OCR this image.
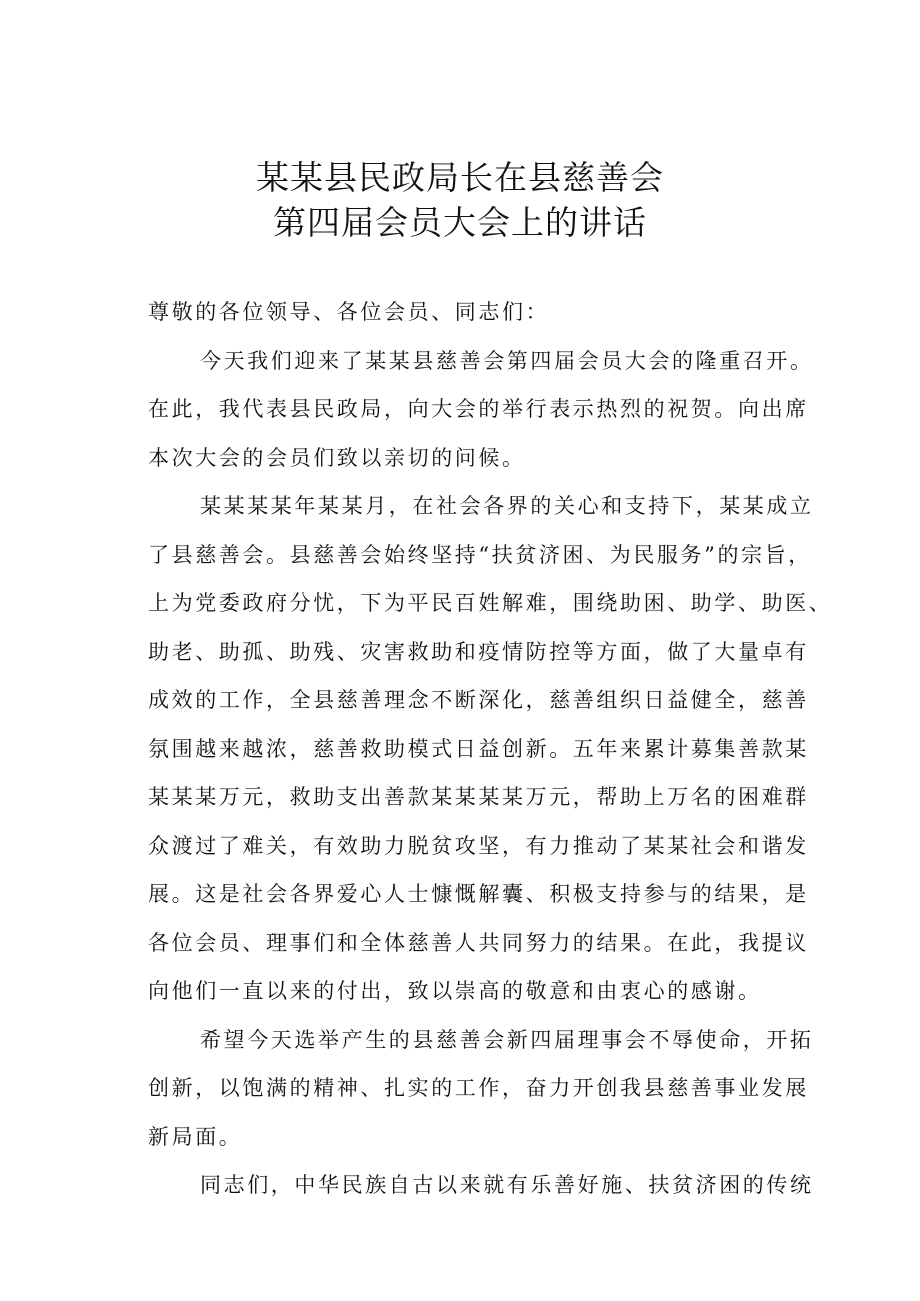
某某县民政局长在县慈善会
第四届会员大会上的讲话
尊敬的各位领导、各位会员、同志们：
今天我们迎来了某某县慈善会第四届会员大会的隆重召开。
在此，我代表县民政局，向大会的举行表示热烈的祝贺。向出席
本次大会的会员们致以亲切的问候。
某某某某年某某月，在社会各界的关心和支持下，某某成立
了县慈善会。县慈善会始终坚持“扶贫济困、为民服务”的宗旨，
上为党委政府分忧，下为平民百姓解难，围绕助困、助学、助医、
助老、助孤、助残、灾害救助和疫情防控等方面，做了大量卓有
成效的工作，全县慈善理念不断深化，慈善组织日益健全，慈善
氛围越来越浓，慈善救助模式日益创新。五年来累计募集善款某
某某某万元，救助支出善款某某某某万元，帮助上万名的困难群
众渡过了难关，有效助力脱贫攻坚，有力推动了某某社会和谐发
展。这是社会各界爱心人士慷慨解囊、积极支持参与的结果，是
各位会员、理事们和全体慈善人共同努力的结果。在此，我提议
向他们一直以来的付出，致以崇高的敬意和由衷心的感谢。
希望今天选举产生的县慈善会新四届理事会不辱使命，开拓
创新，以饱满的精神、扎实的工作，奋力开创我县慈善事业发展
新局面。
同志们，中华民族自古以来就有乐善好施、扶贫济困的传统
